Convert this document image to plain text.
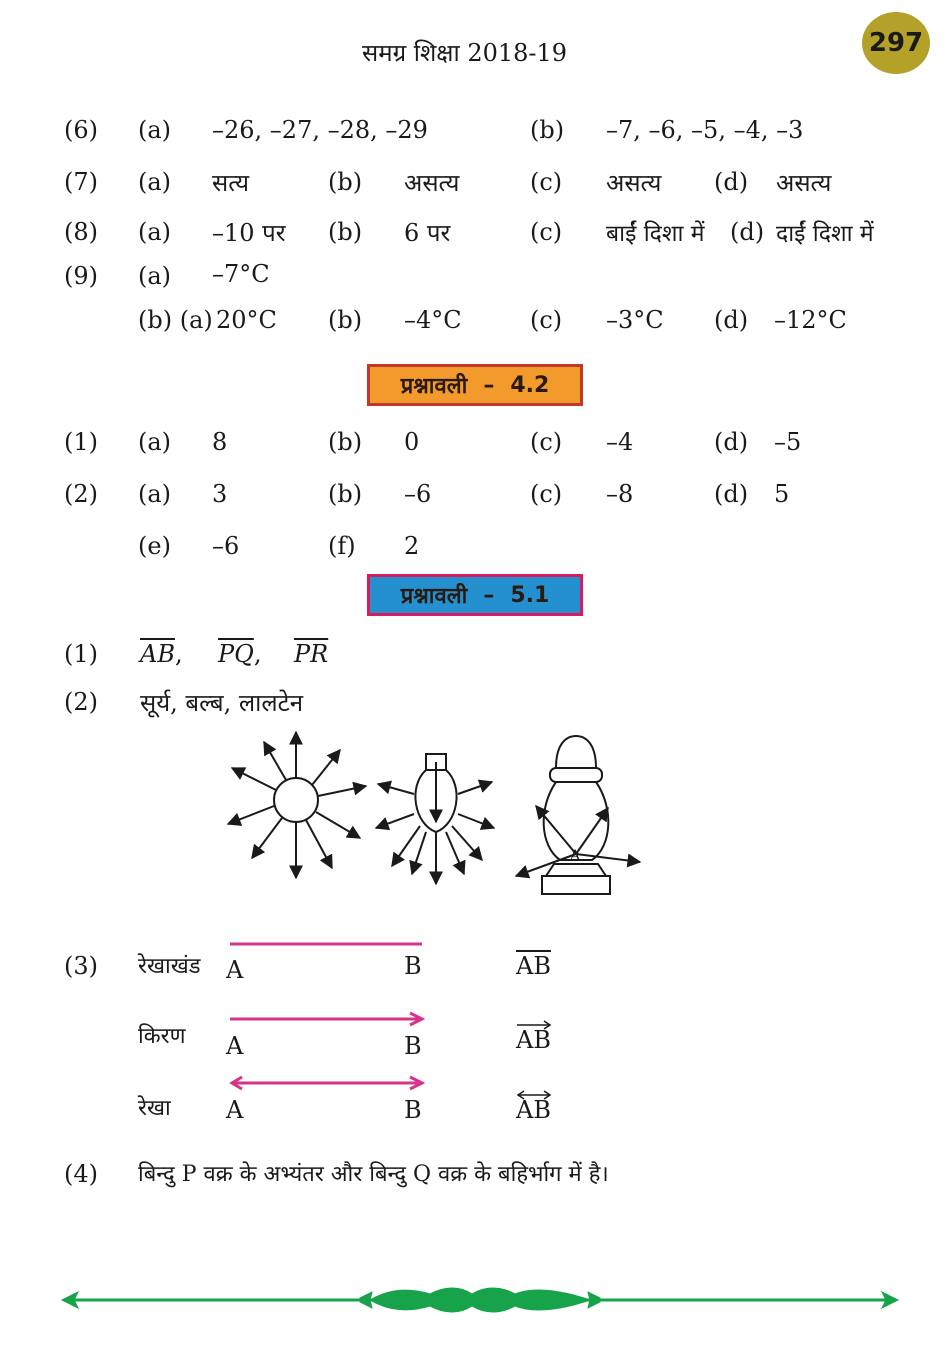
समग्र शिक्षा 2018-19	297
(6) (a) –26, –27, –28, –29	(b) –7, –6, –5, –4, –3
(7) (a) सत्य	(b) असत्य	(c) असत्य (d) असत्य
(8) (a) –10 पर (b) 6 पर	(c) बाईं दिशा में (d) दाईं दिशा में
(9) (a) –7°C
(b) (a) 20°C (b) –4°C	(c) –3°C (d) –12°C
प्रश्नावली – 4.2
(1) (a) 8	(b) 0	(c) –4	(d) –5
(2) (a) 3	(b) –6	(c) –8	(d) 5
(e) –6	(f) 2
प्रश्नावली – 5.1
(1) $\overline{AB}$, $\overline{PQ}$, $\overline{PR}$
(2) सूर्य, बल्ब, लालटेन
A
(3) रेखाखंड A	B	$\overline{AB}$
किरण A	B	AB
रेखा A	B	AB
(4) बिन्दु P वक्र के अभ्यंतर और बिन्दु Q वक्र के बहिर्भाग में है।
